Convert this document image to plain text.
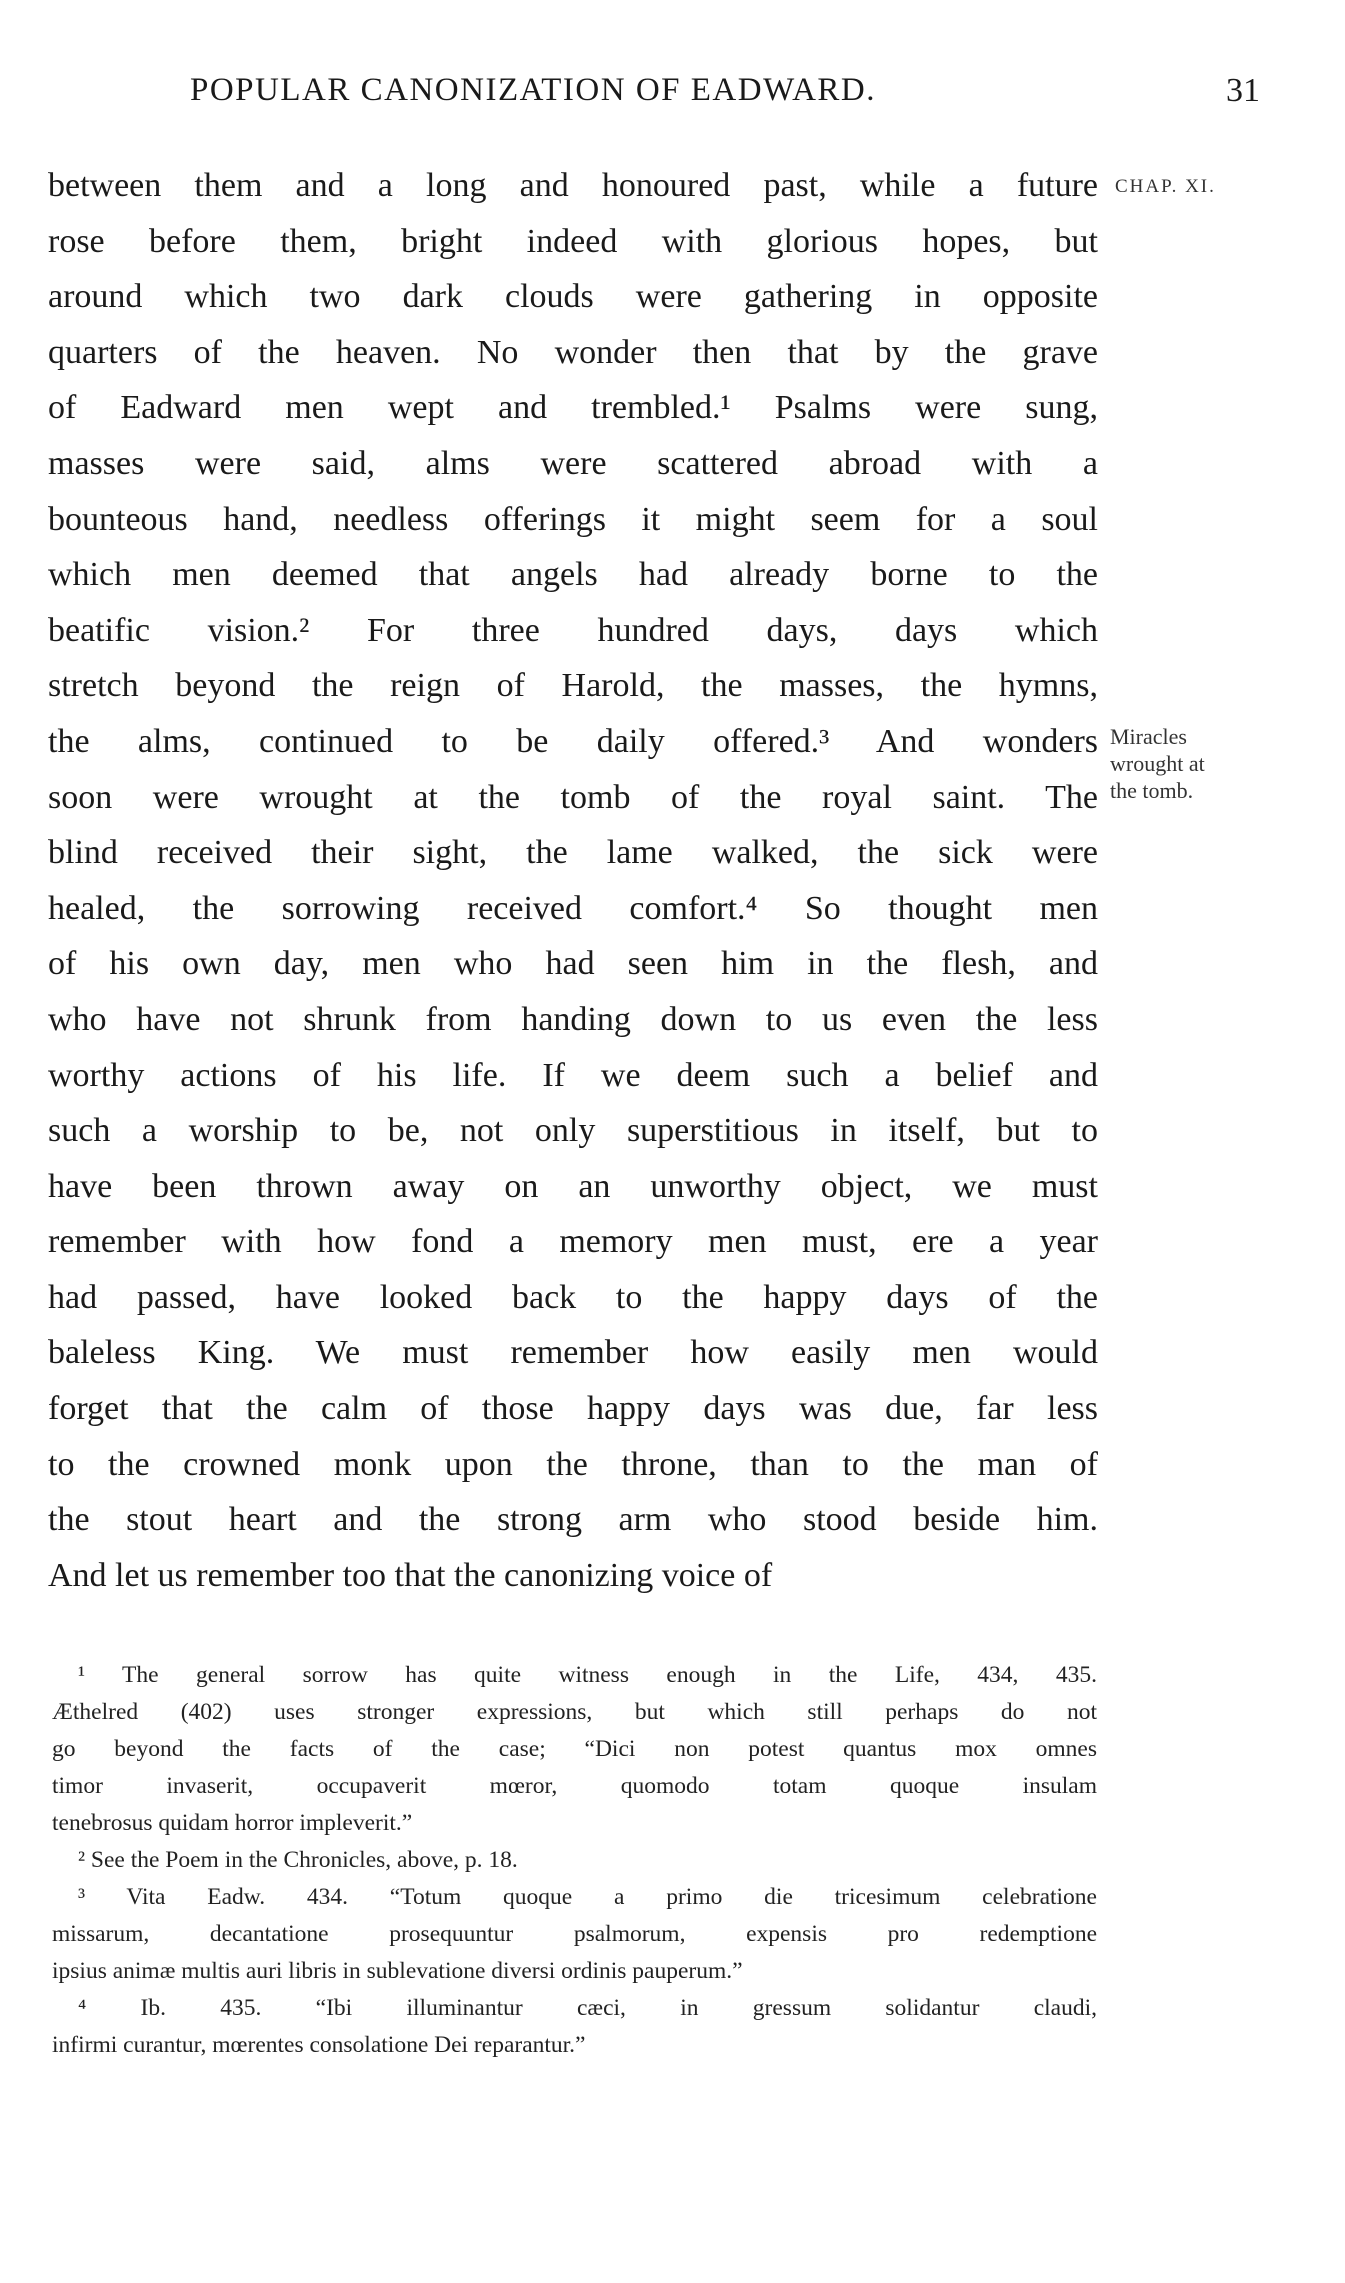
POPULAR CANONIZATION OF EADWARD.	31
CHAP. XI.
Miracles
wrought at
the tomb.
between them and a long and honoured past, while a future
rose before them, bright indeed with glorious hopes, but
around which two dark clouds were gathering in opposite
quarters of the heaven. No wonder then that by the grave
of Eadward men wept and trembled.¹ Psalms were sung,
masses were said, alms were scattered abroad with a
bounteous hand, needless offerings it might seem for a soul
which men deemed that angels had already borne to the
beatific vision.² For three hundred days, days which
stretch beyond the reign of Harold, the masses, the hymns,
the alms, continued to be daily offered.³ And wonders
soon were wrought at the tomb of the royal saint. The
blind received their sight, the lame walked, the sick were
healed, the sorrowing received comfort.⁴ So thought men
of his own day, men who had seen him in the flesh, and
who have not shrunk from handing down to us even the less
worthy actions of his life. If we deem such a belief and
such a worship to be, not only superstitious in itself, but to
have been thrown away on an unworthy object, we must
remember with how fond a memory men must, ere a year
had passed, have looked back to the happy days of the
baleless King. We must remember how easily men would
forget that the calm of those happy days was due, far less
to the crowned monk upon the throne, than to the man of
the stout heart and the strong arm who stood beside him.
And let us remember too that the canonizing voice of
¹ The general sorrow has quite witness enough in the Life, 434, 435.
Æthelred (402) uses stronger expressions, but which still perhaps do not
go beyond the facts of the case; “Dici non potest quantus mox omnes
timor invaserit, occupaverit mœror, quomodo totam quoque insulam
tenebrosus quidam horror impleverit.”
² See the Poem in the Chronicles, above, p. 18.
³ Vita Eadw. 434. “Totum quoque a primo die tricesimum celebratione
missarum, decantatione prosequuntur psalmorum, expensis pro redemptione
ipsius animæ multis auri libris in sublevatione diversi ordinis pauperum.”
⁴ Ib. 435. “Ibi illuminantur cæci, in gressum solidantur claudi,
infirmi curantur, mœrentes consolatione Dei reparantur.”
